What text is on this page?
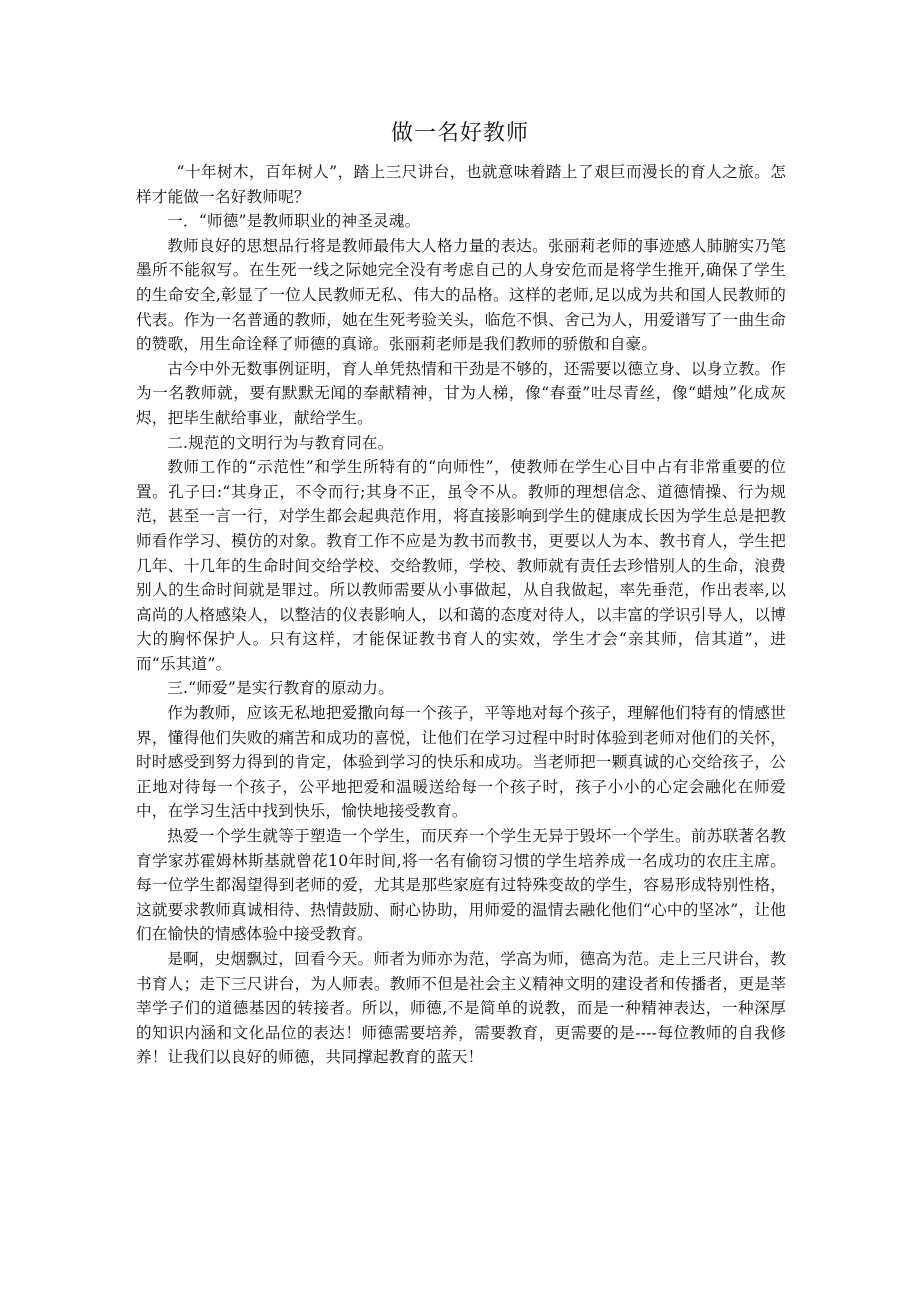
做一名好教师

“十年树木，百年树人”，踏上三尺讲台，也就意味着踏上了艰巨而漫长的育人之旅。怎样才能做一名好教师呢？

一．“师德”是教师职业的神圣灵魂。

教师良好的思想品行将是教师最伟大人格力量的表达。张丽莉老师的事迹感人肺腑实乃笔墨所不能叙写。在生死一线之际她完全没有考虑自己的人身安危而是将学生推开,确保了学生的生命安全,彰显了一位人民教师无私、伟大的品格。这样的老师,足以成为共和国人民教师的代表。作为一名普通的教师，她在生死考验关头，临危不惧、舍己为人，用爱谱写了一曲生命的赞歌，用生命诠释了师德的真谛。张丽莉老师是我们教师的骄傲和自豪。

古今中外无数事例证明，育人单凭热情和干劲是不够的，还需要以德立身、以身立教。作为一名教师就，要有默默无闻的奉献精神，甘为人梯，像“春蚕”吐尽青丝，像“蜡烛”化成灰烬，把毕生献给事业，献给学生。

二.规范的文明行为与教育同在。

教师工作的“示范性”和学生所特有的“向师性”，使教师在学生心目中占有非常重要的位置。孔子曰:“其身正，不令而行;其身不正，虽令不从。教师的理想信念、道德情操、行为规范，甚至一言一行，对学生都会起典范作用，将直接影响到学生的健康成长因为学生总是把教师看作学习、模仿的对象。教育工作不应是为教书而教书，更要以人为本、教书育人，学生把几年、十几年的生命时间交给学校、交给教师，学校、教师就有责任去珍惜别人的生命，浪费别人的生命时间就是罪过。所以教师需要从小事做起，从自我做起，率先垂范，作出表率,以高尚的人格感染人，以整洁的仪表影响人，以和蔼的态度对待人，以丰富的学识引导人，以博大的胸怀保护人。只有这样，才能保证教书育人的实效，学生才会“亲其师，信其道”，进而“乐其道”。

三.“师爱”是实行教育的原动力。

作为教师，应该无私地把爱撒向每一个孩子，平等地对每个孩子，理解他们特有的情感世界，懂得他们失败的痛苦和成功的喜悦，让他们在学习过程中时时体验到老师对他们的关怀，时时感受到努力得到的肯定，体验到学习的快乐和成功。当老师把一颗真诚的心交给孩子，公正地对待每一个孩子，公平地把爱和温暖送给每一个孩子时，孩子小小的心定会融化在师爱中，在学习生活中找到快乐，愉快地接受教育。

热爱一个学生就等于塑造一个学生，而厌弃一个学生无异于毁坏一个学生。前苏联著名教育学家苏霍姆林斯基就曾花10年时间,将一名有偷窃习惯的学生培养成一名成功的农庄主席。每一位学生都渴望得到老师的爱，尤其是那些家庭有过特殊变故的学生，容易形成特别性格，这就要求教师真诚相待、热情鼓励、耐心协助，用师爱的温情去融化他们“心中的坚冰”，让他们在愉快的情感体验中接受教育。

是啊，史烟飘过，回看今天。师者为师亦为范，学高为师，德高为范。走上三尺讲台，教书育人；走下三尺讲台，为人师表。教师不但是社会主义精神文明的建设者和传播者，更是莘莘学子们的道德基因的转接者。所以，师德,不是简单的说教，而是一种精神表达，一种深厚的知识内涵和文化品位的表达！师德需要培养，需要教育，更需要的是----每位教师的自我修养！让我们以良好的师德，共同撑起教育的蓝天！
